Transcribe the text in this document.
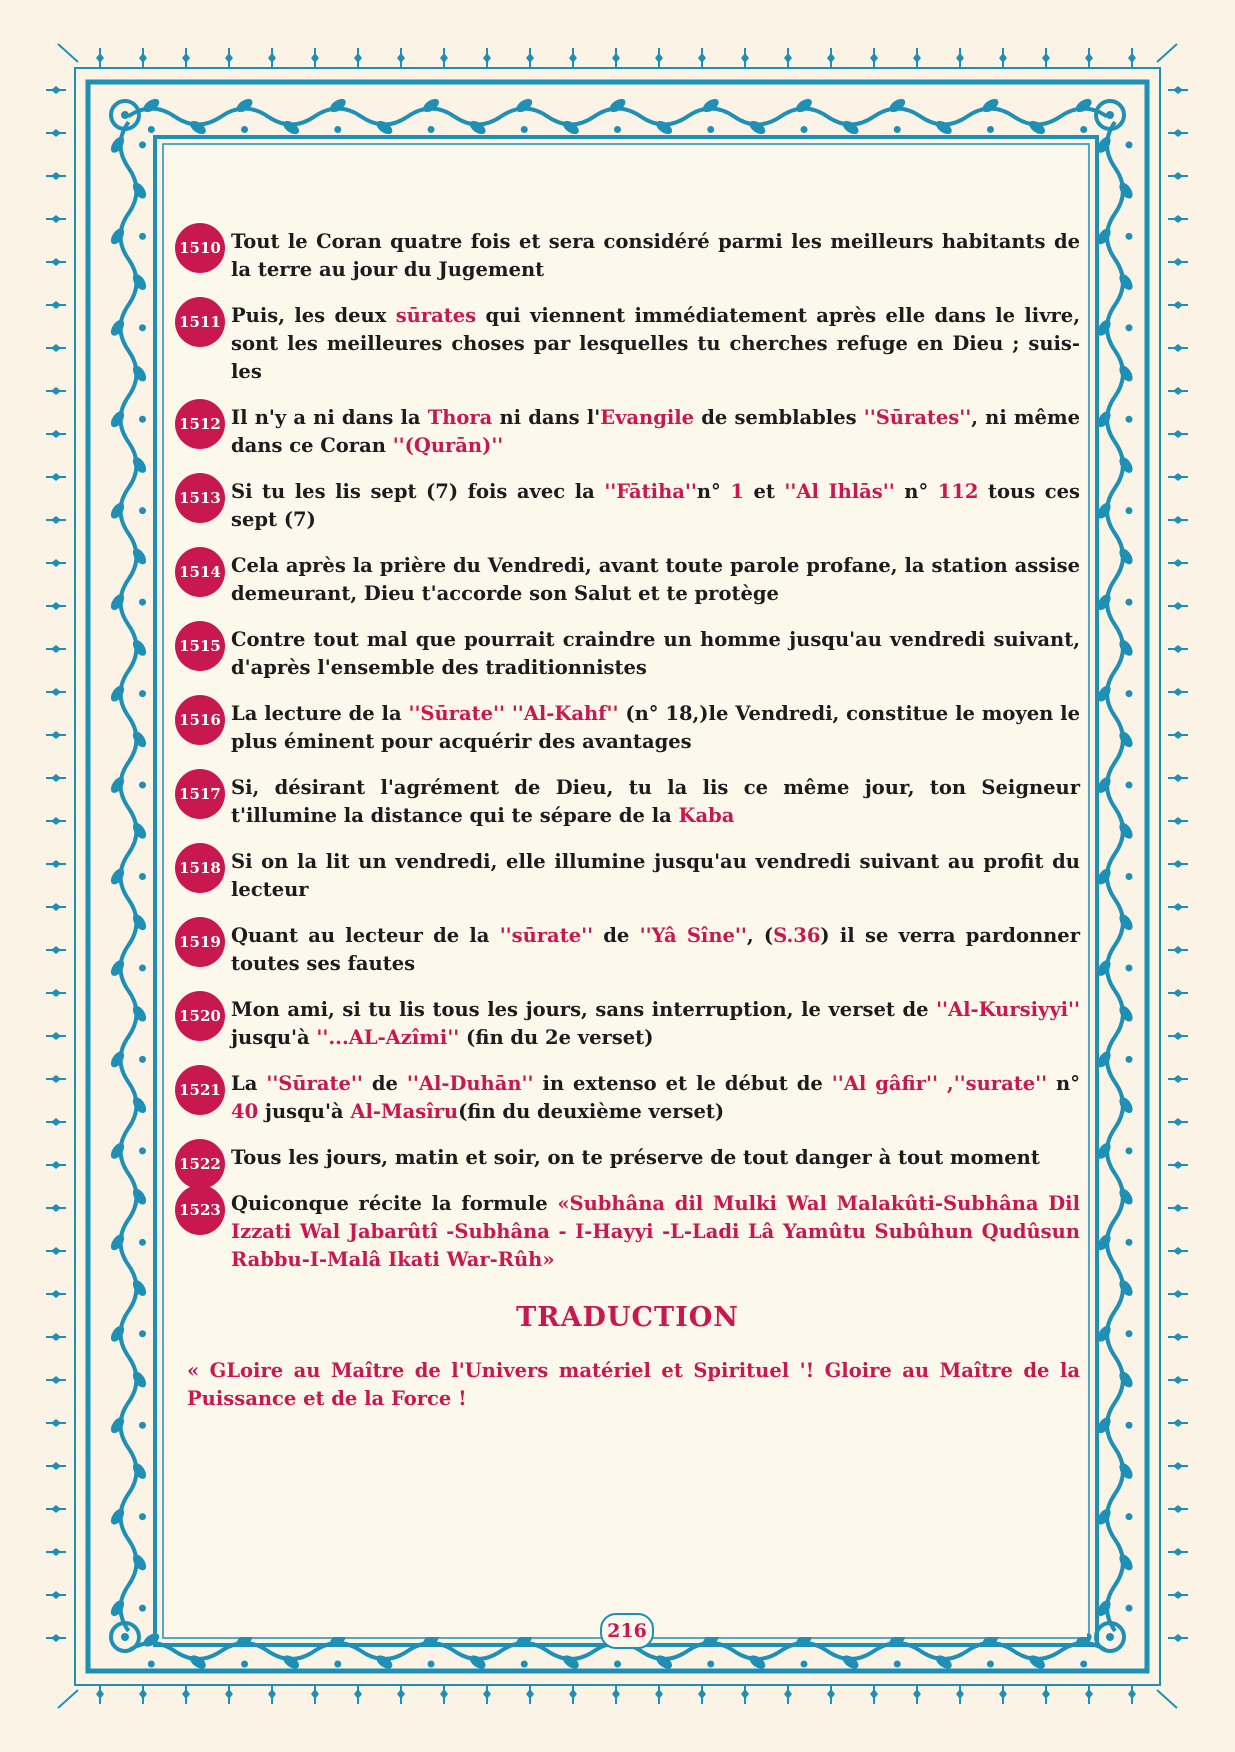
1510 Tout le Coran quatre fois et sera considéré parmi les meilleurs habitants de la terre au jour du Jugement
1511 Puis, les deux sūrates qui viennent immédiatement après elle dans le livre, sont les meilleures choses par lesquelles tu cherches refuge en Dieu ; suis- les
1512 Il n'y a ni dans la Thora ni dans l'Evangile de semblables ''Sūrates'', ni même dans ce Coran ''(Qurān)''
1513 Si tu les lis sept (7) fois avec la ''Fātiha''n° 1 et ''Al Ihlās'' n° 112 tous ces sept (7)
1514 Cela après la prière du Vendredi, avant toute parole profane, la station assise demeurant, Dieu t'accorde son Salut et te protège
1515 Contre tout mal que pourrait craindre un homme jusqu'au vendredi suivant, d'après l'ensemble des traditionnistes
1516 La lecture de la ''Sūrate'' ''Al-Kahf'' (n° 18,)le Vendredi, constitue le moyen le plus éminent pour acquérir des avantages
1517 Si, désirant l'agrément de Dieu, tu la lis ce même jour, ton Seigneur t'illumine la distance qui te sépare de la Kaba
1518 Si on la lit un vendredi, elle illumine jusqu'au vendredi suivant au profit du lecteur
1519 Quant au lecteur de la ''sūrate'' de ''Yâ Sîne'', (S.36) il se verra pardonner toutes ses fautes
1520 Mon ami, si tu lis tous les jours, sans interruption, le verset de ''Al-Kursiyyi'' jusqu'à ''...AL-Azîmi'' (fin du 2e verset)
1521 La ''Sūrate'' de ''Al-Duhān'' in extenso et le début de ''Al gâfir'' ,''surate'' n° 40 jusqu'à Al-Masîru(fin du deuxième verset)
1522 Tous les jours, matin et soir, on te préserve de tout danger à tout moment
1523 Quiconque récite la formule «Subhâna dil Mulki Wal Malakûti-Subhâna Dil Izzati Wal Jabarûtî -Subhâna - I-Hayyi -L-Ladi Lâ Yamûtu Subûhun Qudûsun Rabbu-I-Malâ Ikati War-Rûh»
TRADUCTION
« GLoire au Maître de l'Univers matériel et Spirituel '! Gloire au Maître de la Puissance et de la Force !
216
